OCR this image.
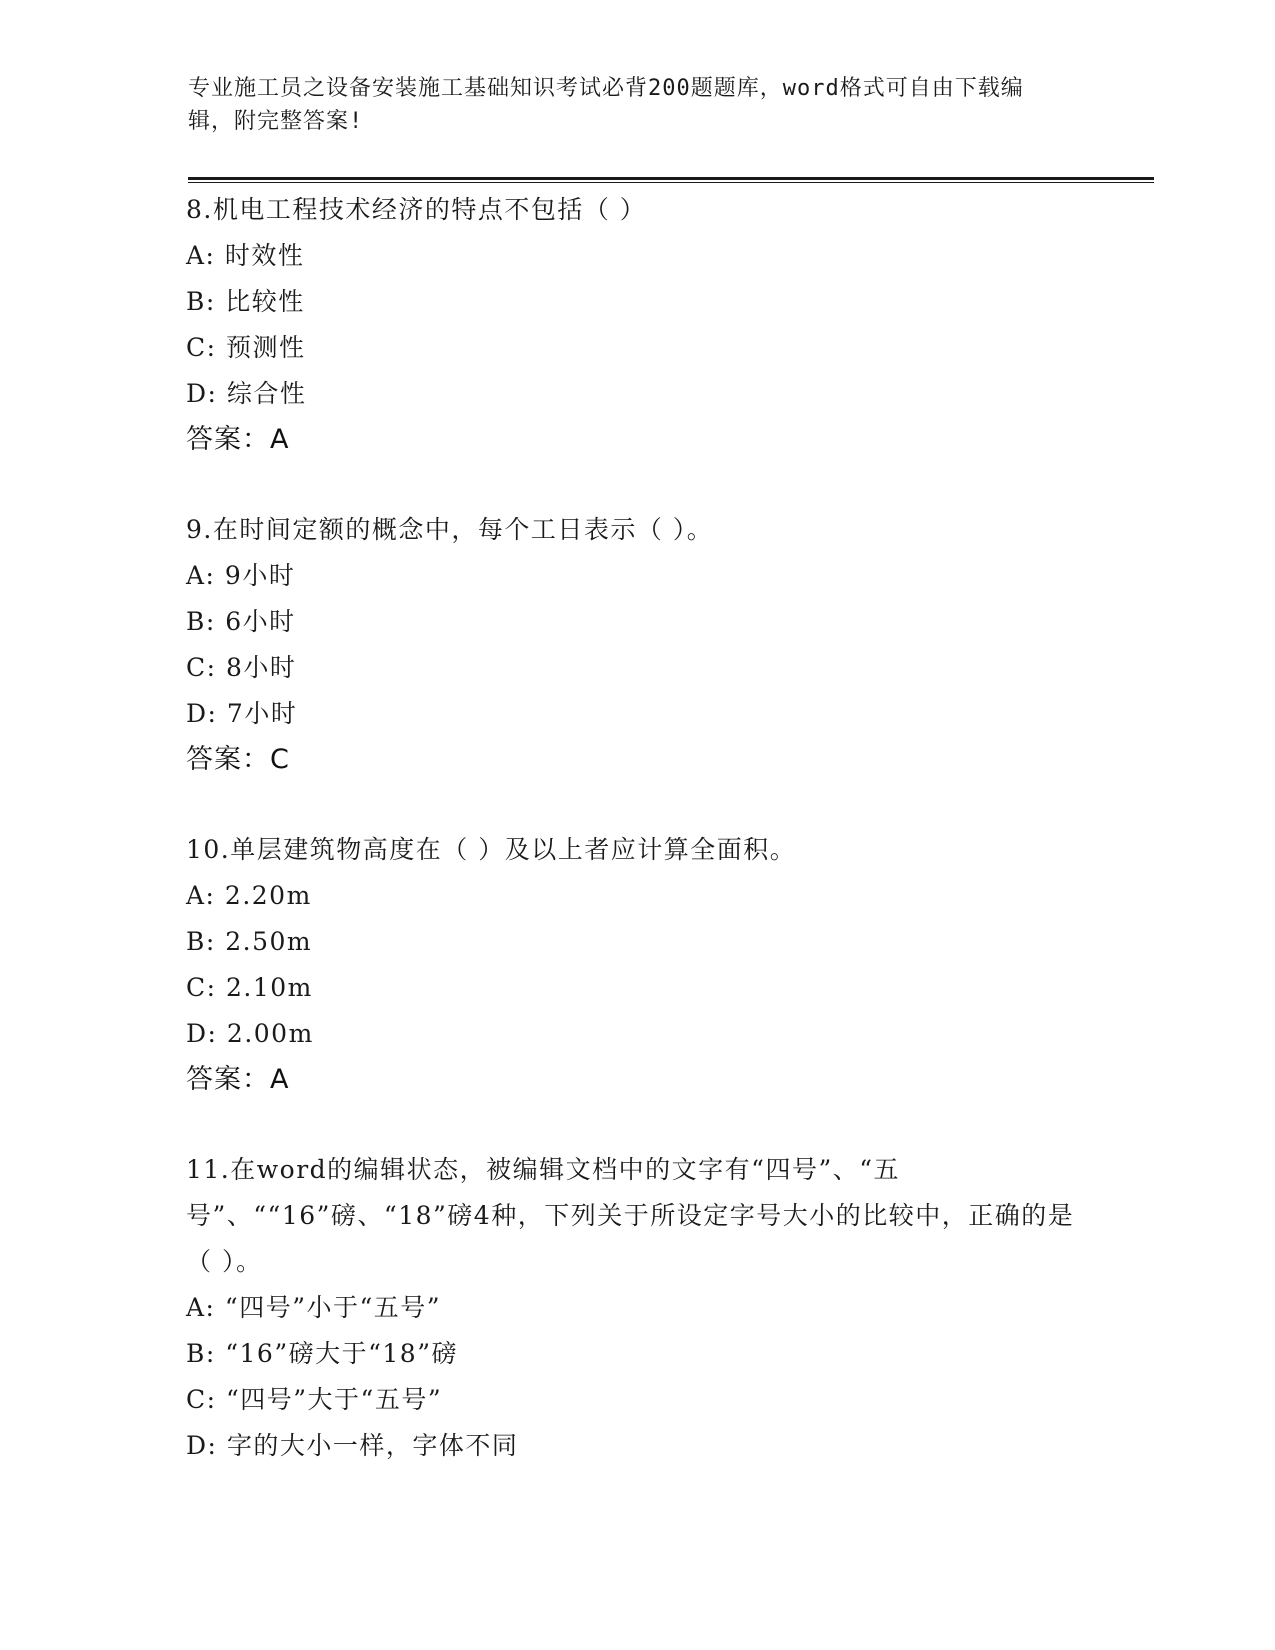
专业施工员之设备安装施工基础知识考试必背200题题库，word格式可自由下载编辑，附完整答案!
8.机电工程技术经济的特点不包括（ ）
A: 时效性
B: 比较性
C: 预测性
D: 综合性
答案：A
9.在时间定额的概念中，每个工日表示（ ）。
A: 9小时
B: 6小时
C: 8小时
D: 7小时
答案：C
10.单层建筑物高度在（ ）及以上者应计算全面积。
A: 2.20m
B: 2.50m
C: 2.10m
D: 2.00m
答案：A
11.在word的编辑状态，被编辑文档中的文字有“四号”、“五号”、““16”磅、“18”磅4种，下列关于所设定字号大小的比较中，正确的是（ ）。
A: “四号”小于“五号”
B: “16”磅大于“18”磅
C: “四号”大于“五号”
D: 字的大小一样，字体不同
